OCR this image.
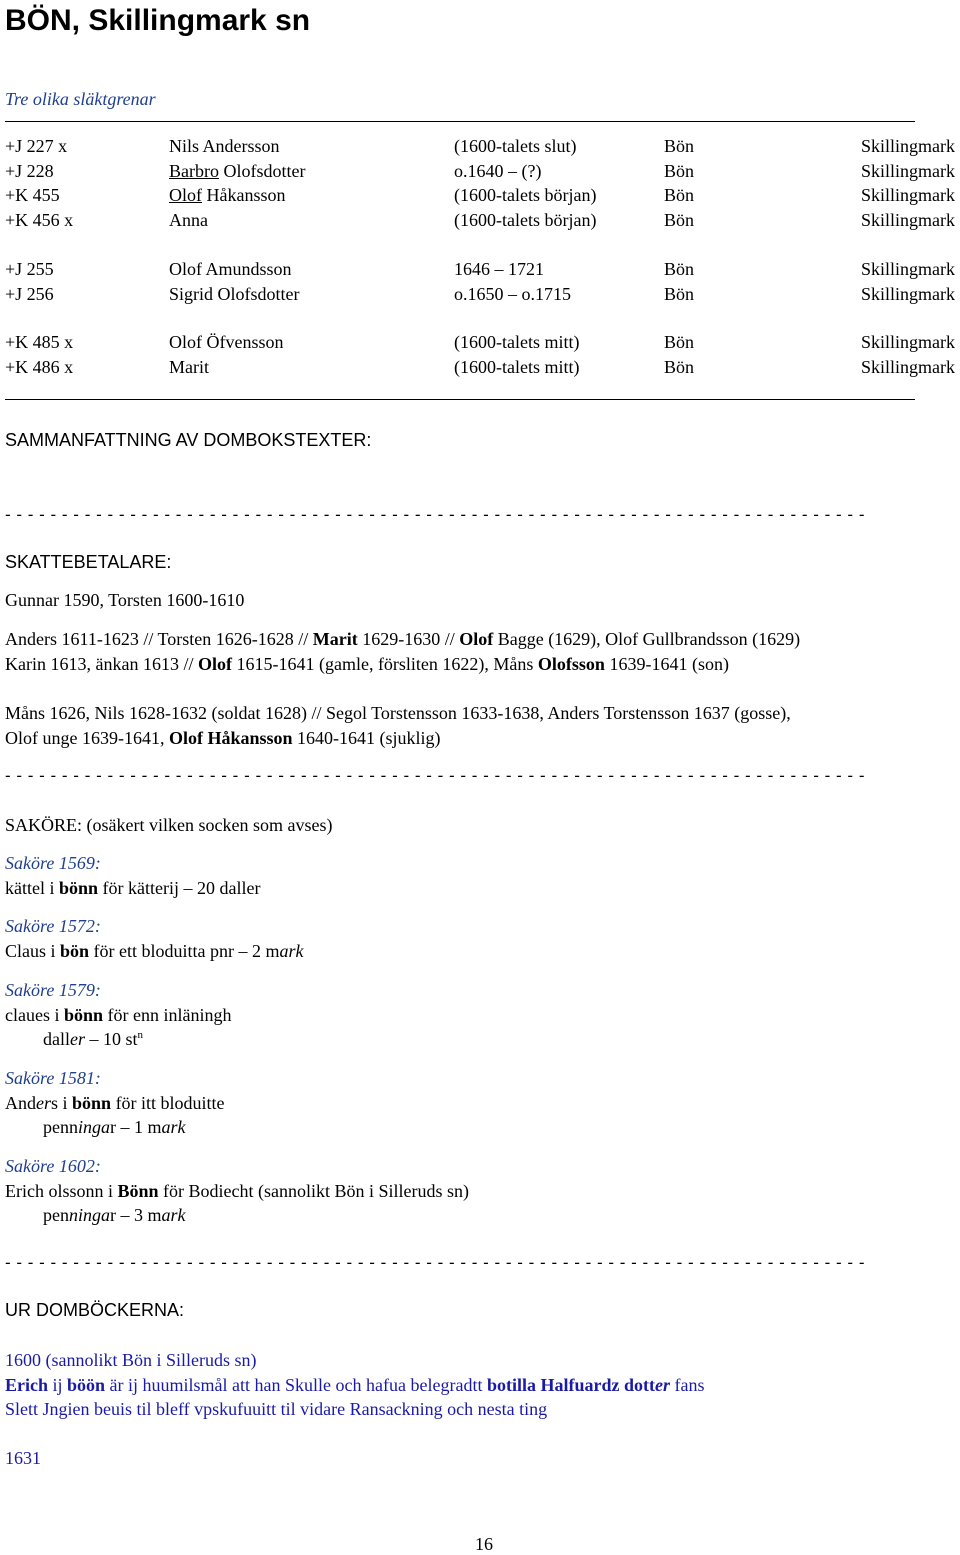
BÖN, Skillingmark sn
Tre olika släktgrenar
+J 227 x	Nils Andersson	(1600-talets slut)	Bön	Skillingmark
+J 228	Barbro Olofsdotter	o.1640 – (?)	Bön	Skillingmark
+K 455	Olof Håkansson	(1600-talets början)	Bön	Skillingmark
+K 456 x	Anna	(1600-talets början)	Bön	Skillingmark
+J 255	Olof Amundsson	1646 – 1721	Bön	Skillingmark
+J 256	Sigrid Olofsdotter	o.1650 – o.1715	Bön	Skillingmark
+K 485 x	Olof Öfvensson	(1600-talets mitt)	Bön	Skillingmark
+K 486 x	Marit	(1600-talets mitt)	Bön	Skillingmark
SAMMANFATTNING AV DOMBOKSTEXTER:
- - - - - - - - - - - - - - - - - - - - - - - - - - - - - - - - - - - - - - - - - - - - - - - - - - - - - - - - - - - - - - - - - - - - - - - - - - - -
SKATTEBETALARE:
Gunnar 1590, Torsten 1600-1610
Anders 1611-1623 // Torsten 1626-1628 // Marit 1629-1630 // Olof Bagge (1629), Olof Gullbrandsson (1629)
Karin 1613, änkan 1613 // Olof 1615-1641 (gamle, försliten 1622), Måns Olofsson 1639-1641 (son)
Måns 1626, Nils 1628-1632 (soldat 1628) // Segol Torstensson 1633-1638, Anders Torstensson 1637 (gosse),
Olof unge 1639-1641, Olof Håkansson 1640-1641 (sjuklig)
- - - - - - - - - - - - - - - - - - - - - - - - - - - - - - - - - - - - - - - - - - - - - - - - - - - - - - - - - - - - - - - - - - - - - - - - - - - -
SAKÖRE: (osäkert vilken socken som avses)
Saköre 1569:
kättel i bönn för kätterij – 20 daller
Saköre 1572:
Claus i bön för ett bloduitta pnr – 2 mark
Saköre 1579:
claues i bönn för enn inläningh
daller – 10 $st^n$
Saköre 1581:
Anders i bönn för itt bloduitte
penningar – 1 mark
Saköre 1602:
Erich olssonn i Bönn för Bodiecht (sannolikt Bön i Silleruds sn)
penningar – 3 mark
- - - - - - - - - - - - - - - - - - - - - - - - - - - - - - - - - - - - - - - - - - - - - - - - - - - - - - - - - - - - - - - - - - - - - - - - - - - -
UR DOMBÖCKERNA:
1600 (sannolikt Bön i Silleruds sn)
Erich ij böön är ij huumilsmål att han Skulle och hafua belegradtt botilla Halfuardz dotter fans
Slett Jngien beuis til bleff vpskufuuitt til vidare Ransackning och nesta ting
1631
16
